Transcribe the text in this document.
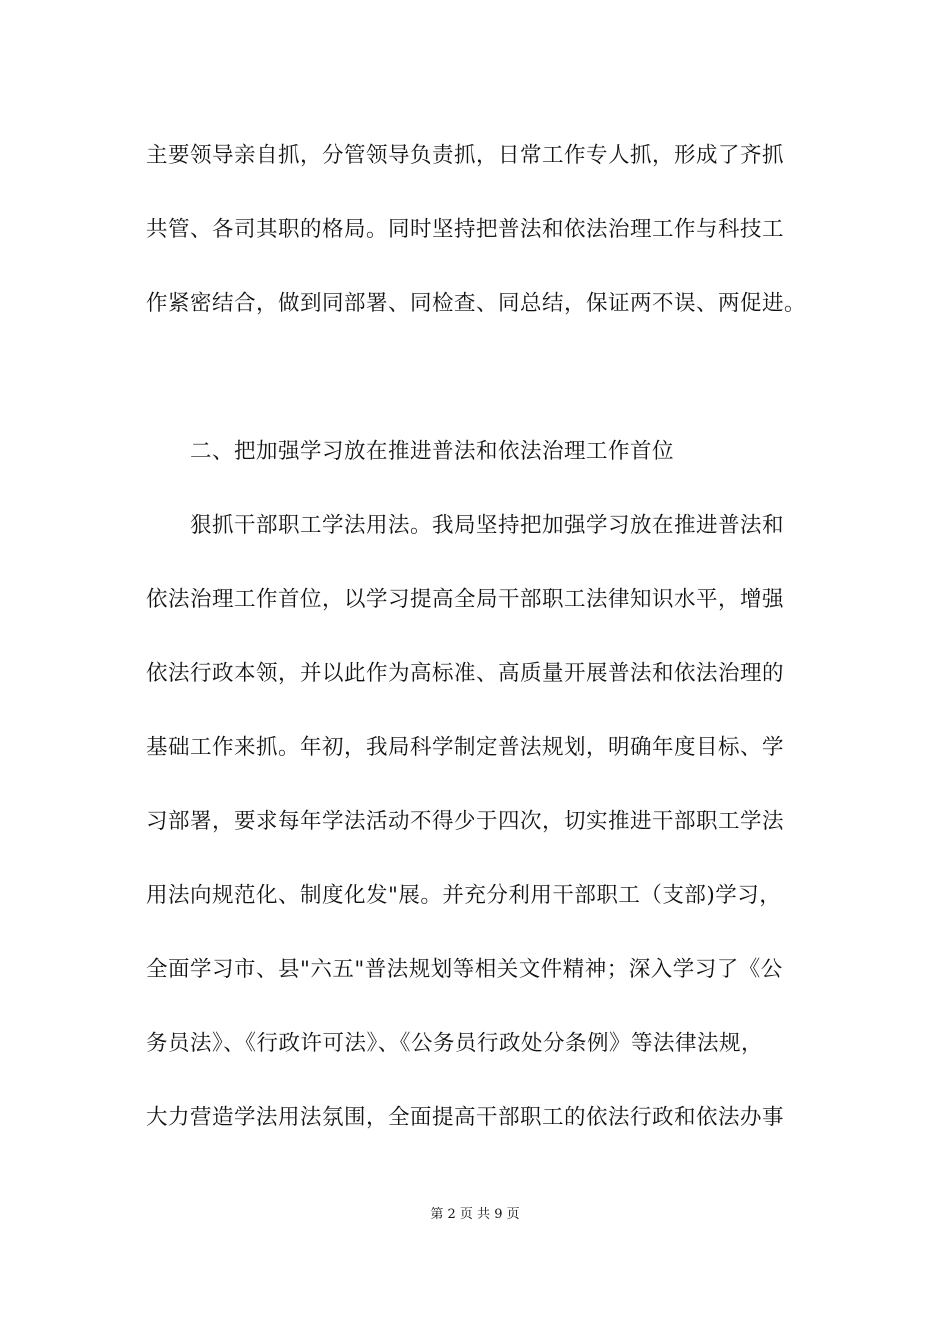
主要领导亲自抓，分管领导负责抓，日常工作专人抓，形成了齐抓
共管、各司其职的格局。同时坚持把普法和依法治理工作与科技工
作紧密结合，做到同部署、同检查、同总结，保证两不误、两促进。
二、把加强学习放在推进普法和依法治理工作首位
狠抓干部职工学法用法。我局坚持把加强学习放在推进普法和
依法治理工作首位，以学习提高全局干部职工法律知识水平，增强
依法行政本领，并以此作为高标准、高质量开展普法和依法治理的
基础工作来抓。年初，我局科学制定普法规划，明确年度目标、学
习部署，要求每年学法活动不得少于四次，切实推进干部职工学法
用法向规范化、制度化发"展。并充分利用干部职工（支部)学习，
全面学习市、县"六五"普法规划等相关文件精神；深入学习了《公
务员法》、《行政许可法》、《公务员行政处分条例》等法律法规，
大力营造学法用法氛围，全面提高干部职工的依法行政和依法办事
第 2 页 共 9 页
